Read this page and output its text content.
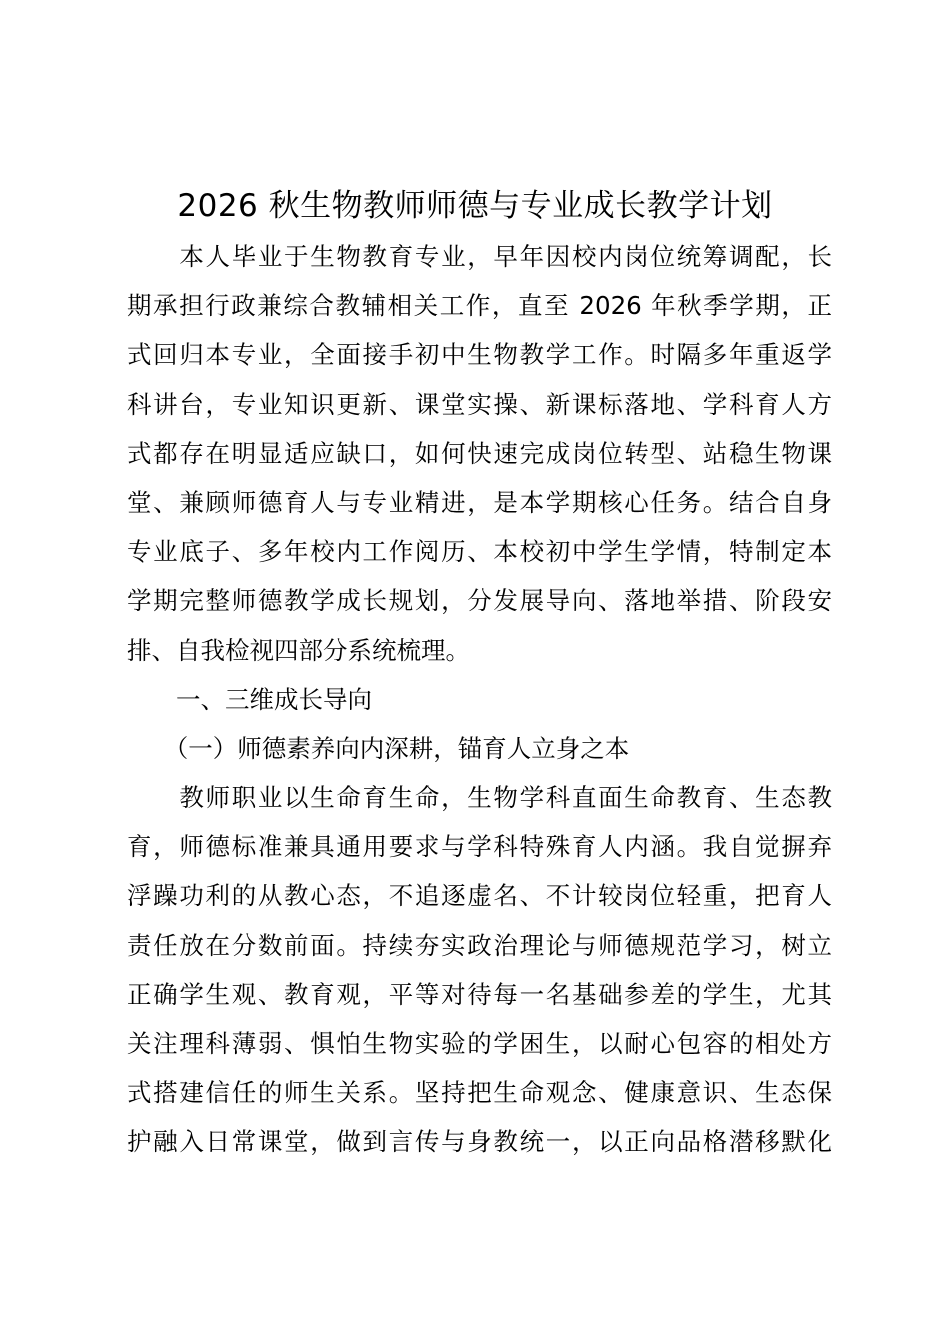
2026 秋生物教师师德与专业成长教学计划
　　本人毕业于生物教育专业，早年因校内岗位统筹调配，长
期承担行政兼综合教辅相关工作，直至 2026 年秋季学期，正
式回归本专业，全面接手初中生物教学工作。时隔多年重返学
科讲台，专业知识更新、课堂实操、新课标落地、学科育人方
式都存在明显适应缺口，如何快速完成岗位转型、站稳生物课
堂、兼顾师德育人与专业精进，是本学期核心任务。结合自身
专业底子、多年校内工作阅历、本校初中学生学情，特制定本
学期完整师德教学成长规划，分发展导向、落地举措、阶段安
排、自我检视四部分系统梳理。
　　一、三维成长导向
　　（一）师德素养向内深耕，锚育人立身之本
　　教师职业以生命育生命，生物学科直面生命教育、生态教
育，师德标准兼具通用要求与学科特殊育人内涵。我自觉摒弃
浮躁功利的从教心态，不追逐虚名、不计较岗位轻重，把育人
责任放在分数前面。持续夯实政治理论与师德规范学习，树立
正确学生观、教育观，平等对待每一名基础参差的学生，尤其
关注理科薄弱、惧怕生物实验的学困生，以耐心包容的相处方
式搭建信任的师生关系。坚持把生命观念、健康意识、生态保
护融入日常课堂，做到言传与身教统一，以正向品格潜移默化
